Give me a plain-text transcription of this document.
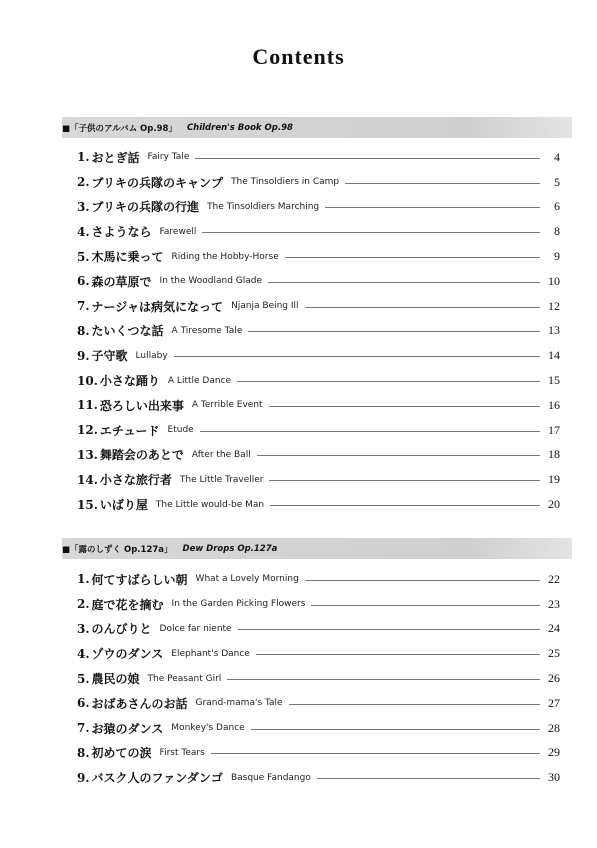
Contents
■「子供のアルバム Op.98」 Children's Book Op.98
1. おとぎ話 Fairy Tale	4
2. ブリキの兵隊のキャンプ The Tinsoldiers in Camp	5
3. ブリキの兵隊の行進 The Tinsoldiers Marching	6
4. さようなら Farewell	8
5. 木馬に乗って Riding the Hobby-Horse	9
6. 森の草原で In the Woodland Glade	10
7. ナージャは病気になって Njanja Being Ill	12
8. たいくつな話 A Tiresome Tale	13
9. 子守歌 Lullaby	14
10. 小さな踊り A Little Dance	15
11. 恐ろしい出来事 A Terrible Event	16
12. エチュード Etude	17
13. 舞踏会のあとで After the Ball	18
14. 小さな旅行者 The Little Traveller	19
15. いばり屋 The Little would-be Man	20
■「露のしずく Op.127a」 Dew Drops Op.127a
1. 何てすばらしい朝 What a Lovely Morning	22
2. 庭で花を摘む In the Garden Picking Flowers	23
3. のんびりと Dolce far niente	24
4. ゾウのダンス Elephant's Dance	25
5. 農民の娘 The Peasant Girl	26
6. おばあさんのお話 Grand-mama's Tale	27
7. お猿のダンス Monkey's Dance	28
8. 初めての涙 First Tears	29
9. バスク人のファンダンゴ Basque Fandango	30
